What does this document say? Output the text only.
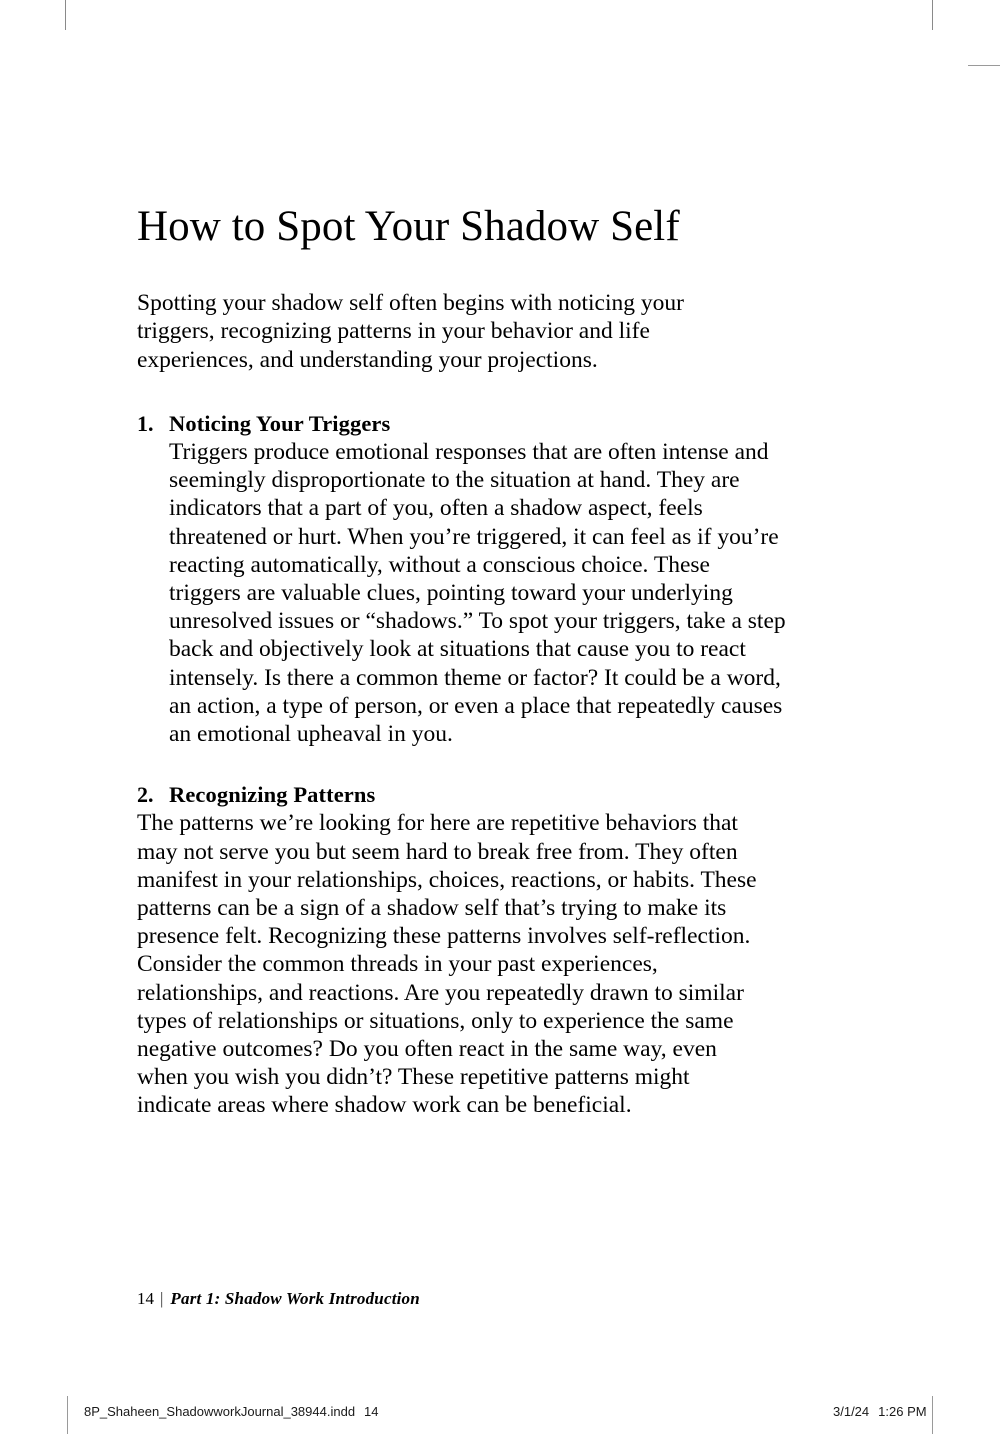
How to Spot Your Shadow Self

Spotting your shadow self often begins with noticing your triggers, recognizing patterns in your behavior and life experiences, and understanding your projections.

1. Noticing Your Triggers

Triggers produce emotional responses that are often intense and seemingly disproportionate to the situation at hand. They are indicators that a part of you, often a shadow aspect, feels threatened or hurt. When you’re triggered, it can feel as if you’re reacting automatically, without a conscious choice. These triggers are valuable clues, pointing toward your underlying unresolved issues or “shadows.” To spot your triggers, take a step back and objectively look at situations that cause you to react intensely. Is there a common theme or factor? It could be a word, an action, a type of person, or even a place that repeatedly causes an emotional upheaval in you.

2. Recognizing Patterns

The patterns we’re looking for here are repetitive behaviors that may not serve you but seem hard to break free from. They often manifest in your relationships, choices, reactions, or habits. These patterns can be a sign of a shadow self that’s trying to make its presence felt. Recognizing these patterns involves self-reflection. Consider the common threads in your past experiences, relationships, and reactions. Are you repeatedly drawn to similar types of relationships or situations, only to experience the same negative outcomes? Do you often react in the same way, even when you wish you didn’t? These repetitive patterns might indicate areas where shadow work can be beneficial.

14 | Part 1: Shadow Work Introduction
8P_Shaheen_ShadowworkJournal_38944.indd 14	3/1/24 1:26 PM
